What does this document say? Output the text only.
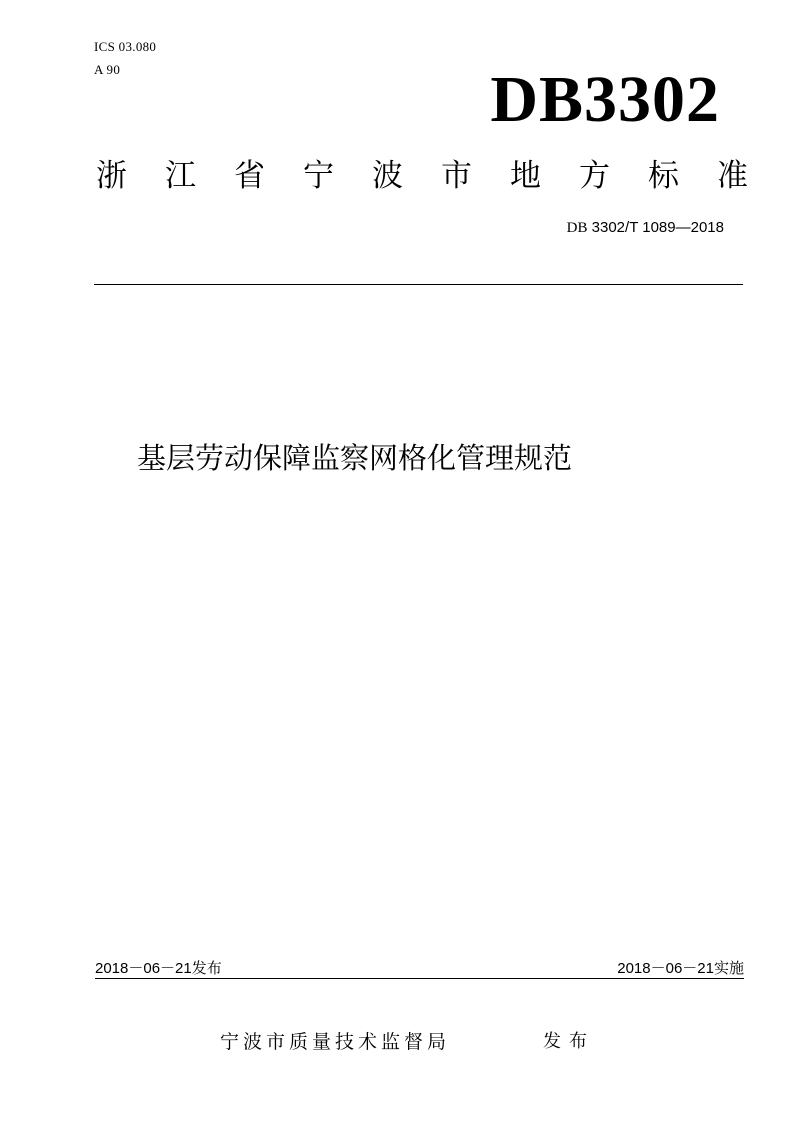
ICS 03.080
A 90	DB3302
浙 江 省 宁 波 市 地 方 标 准
DB 3302/T 1089—2018
基层劳动保障监察网格化管理规范
2018－06－21发布	2018－06－21实施
宁波市质量技术监督局	发布
